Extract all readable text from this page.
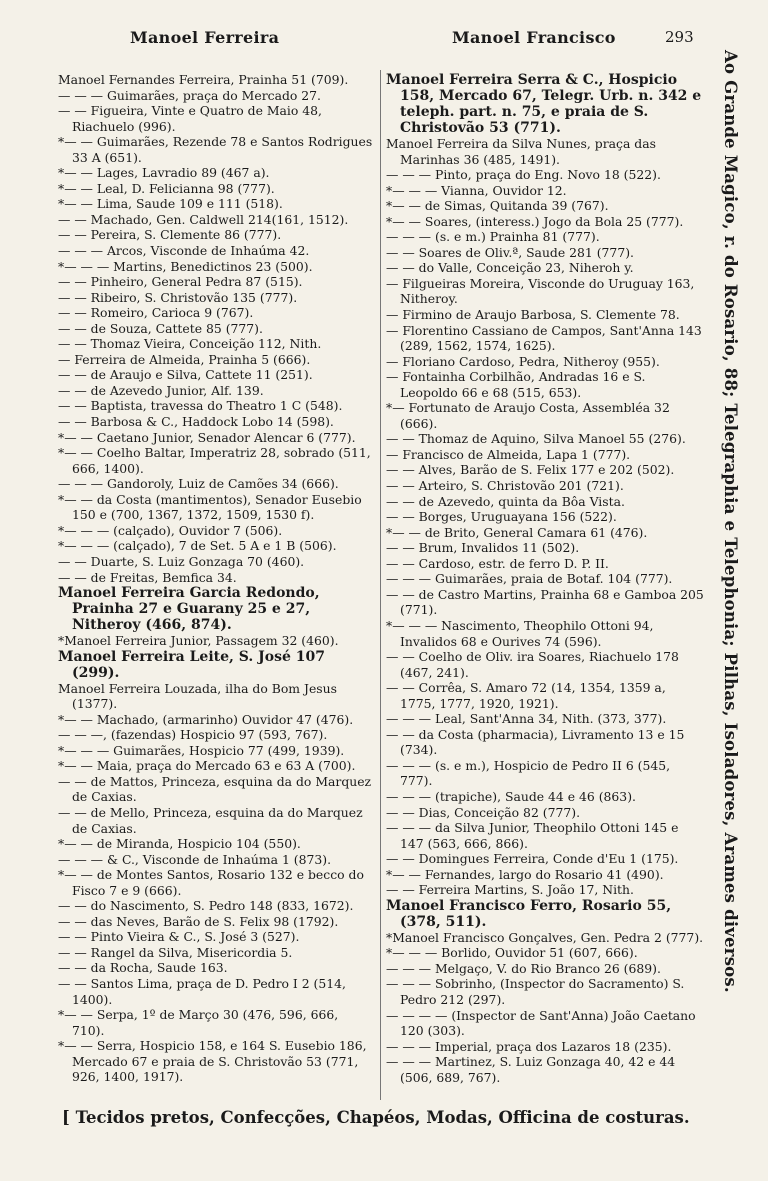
Manoel Ferreira	Manoel Francisco	293
Manoel Fernandes Ferreira, Prainha 51 (709).
— — — Guimarães, praça do Mercado 27.
— — Figueira, Vinte e Quatro de Maio 48, Riachuelo (996).
*— — Guimarães, Rezende 78 e Santos Rodrigues 33 A (651).
*— — Lages, Lavradio 89 (467 a).
*— — Leal, D. Felicianna 98 (777).
*— — Lima, Saude 109 e 111 (518).
— — Machado, Gen. Caldwell 214(161, 1512).
— — Pereira, S. Clemente 86 (777).
— — — Arcos, Visconde de Inhaúma 42.
*— — — Martins, Benedictinos 23 (500).
— — Pinheiro, General Pedra 87 (515).
— — Ribeiro, S. Christovão 135 (777).
— — Romeiro, Carioca 9 (767).
— — de Souza, Cattete 85 (777).
— — Thomaz Vieira, Conceição 112, Nith.
— Ferreira de Almeida, Prainha 5 (666).
— — de Araujo e Silva, Cattete 11 (251).
— — de Azevedo Junior, Alf. 139.
— — Baptista, travessa do Theatro 1 C (548).
— — Barbosa & C., Haddock Lobo 14 (598).
*— — Caetano Junior, Senador Alencar 6 (777).
*— — Coelho Baltar, Imperatriz 28, sobrado (511, 666, 1400).
— — — Gandoroly, Luiz de Camões 34 (666).
*— — da Costa (mantimentos), Senador Eusebio 150 e (700, 1367, 1372, 1509, 1530 f).
*— — — (calçado), Ouvidor 7 (506).
*— — — (calçado), 7 de Set. 5 A e 1 B (506).
— — Duarte, S. Luiz Gonzaga 70 (460).
— — de Freitas, Bemfica 34.
Manoel Ferreira Garcia Redondo, Prainha 27 e Guarany 25 e 27, Nitheroy (466, 874).
*Manoel Ferreira Junior, Passagem 32 (460).
Manoel Ferreira Leite, S. José 107 (299).
Manoel Ferreira Louzada, ilha do Bom Jesus (1377).
*— — Machado, (armarinho) Ouvidor 47 (476).
— — —, (fazendas) Hospicio 97 (593, 767).
*— — — Guimarães, Hospicio 77 (499, 1939).
*— — Maia, praça do Mercado 63 e 63 A (700).
— — de Mattos, Princeza, esquina da do Marquez de Caxias.
— — de Mello, Princeza, esquina da do Marquez de Caxias.
*— — de Miranda, Hospicio 104 (550).
— — — & C., Visconde de Inhaúma 1 (873).
*— — de Montes Santos, Rosario 132 e becco do Fisco 7 e 9 (666).
— — do Nascimento, S. Pedro 148 (833, 1672).
— — das Neves, Barão de S. Felix 98 (1792).
— — Pinto Vieira & C., S. José 3 (527).
— — Rangel da Silva, Misericordia 5.
— — da Rocha, Saude 163.
— — Santos Lima, praça de D. Pedro I 2 (514, 1400).
*— — Serpa, 1º de Março 30 (476, 596, 666, 710).
*— — Serra, Hospicio 158, e 164 S. Eusebio 186, Mercado 67 e praia de S. Christovão 53 (771, 926, 1400, 1917).
Manoel Ferreira Serra & C., Hospicio 158, Mercado 67, Telegr. Urb. n. 342 e teleph. part. n. 75, e praia de S. Christovão 53 (771).
Manoel Ferreira da Silva Nunes, praça das Marinhas 36 (485, 1491).
— — — Pinto, praça do Eng. Novo 18 (522).
*— — — Vianna, Ouvidor 12.
*— — de Simas, Quitanda 39 (767).
*— — Soares, (interess.) Jogo da Bola 25 (777).
— — — (s. e m.) Prainha 81 (777).
— — Soares de Oliv.ª, Saude 281 (777).
— — do Valle, Conceição 23, Niheroh y.
— Filgueiras Moreira, Visconde do Uruguay 163, Nitheroy.
— Firmino de Araujo Barbosa, S. Clemente 78.
— Florentino Cassiano de Campos, Sant'Anna 143 (289, 1562, 1574, 1625).
— Floriano Cardoso, Pedra, Nitheroy (955).
— Fontainha Corbilhão, Andradas 16 e S. Leopoldo 66 e 68 (515, 653).
*— Fortunato de Araujo Costa, Assembléa 32 (666).
— — Thomaz de Aquino, Silva Manoel 55 (276).
— Francisco de Almeida, Lapa 1 (777).
— — Alves, Barão de S. Felix 177 e 202 (502).
— — Arteiro, S. Christovão 201 (721).
— — de Azevedo, quinta da Bôa Vista.
— — Borges, Uruguayana 156 (522).
*— — de Brito, General Camara 61 (476).
— — Brum, Invalidos 11 (502).
— — Cardoso, estr. de ferro D. P. II.
— — — Guimarães, praia de Botaf. 104 (777).
— — de Castro Martins, Prainha 68 e Gamboa 205 (771).
*— — — Nascimento, Theophilo Ottoni 94, Invalidos 68 e Ourives 74 (596).
— — Coelho de Oliv. ira Soares, Riachuelo 178 (467, 241).
— — Corrêa, S. Amaro 72 (14, 1354, 1359 a, 1775, 1777, 1920, 1921).
— — — Leal, Sant'Anna 34, Nith. (373, 377).
— — da Costa (pharmacia), Livramento 13 e 15 (734).
— — — (s. e m.), Hospicio de Pedro II 6 (545, 777).
— — — (trapiche), Saude 44 e 46 (863).
— — Dias, Conceição 82 (777).
— — — da Silva Junior, Theophilo Ottoni 145 e 147 (563, 666, 866).
— — Domingues Ferreira, Conde d'Eu 1 (175).
*— — Fernandes, largo do Rosario 41 (490).
— — Ferreira Martins, S. João 17, Nith.
Manoel Francisco Ferro, Rosario 55, (378, 511).
*Manoel Francisco Gonçalves, Gen. Pedra 2 (777).
*— — — Borlido, Ouvidor 51 (607, 666).
— — — Melgaço, V. do Rio Branco 26 (689).
— — — Sobrinho, (Inspector do Sacramento) S. Pedro 212 (297).
— — — — (Inspector de Sant'Anna) João Caetano 120 (303).
— — — Imperial, praça dos Lazaros 18 (235).
— — — Martinez, S. Luiz Gonzaga 40, 42 e 44 (506, 689, 767).
[ Tecidos pretos, Confecções, Chapéos, Modas, Officina de costuras.
Ao Grande Magico, r. do Rosario, 88; Telegraphia e Telephonia; Pilhas, Isoladores, Arames diversos.
